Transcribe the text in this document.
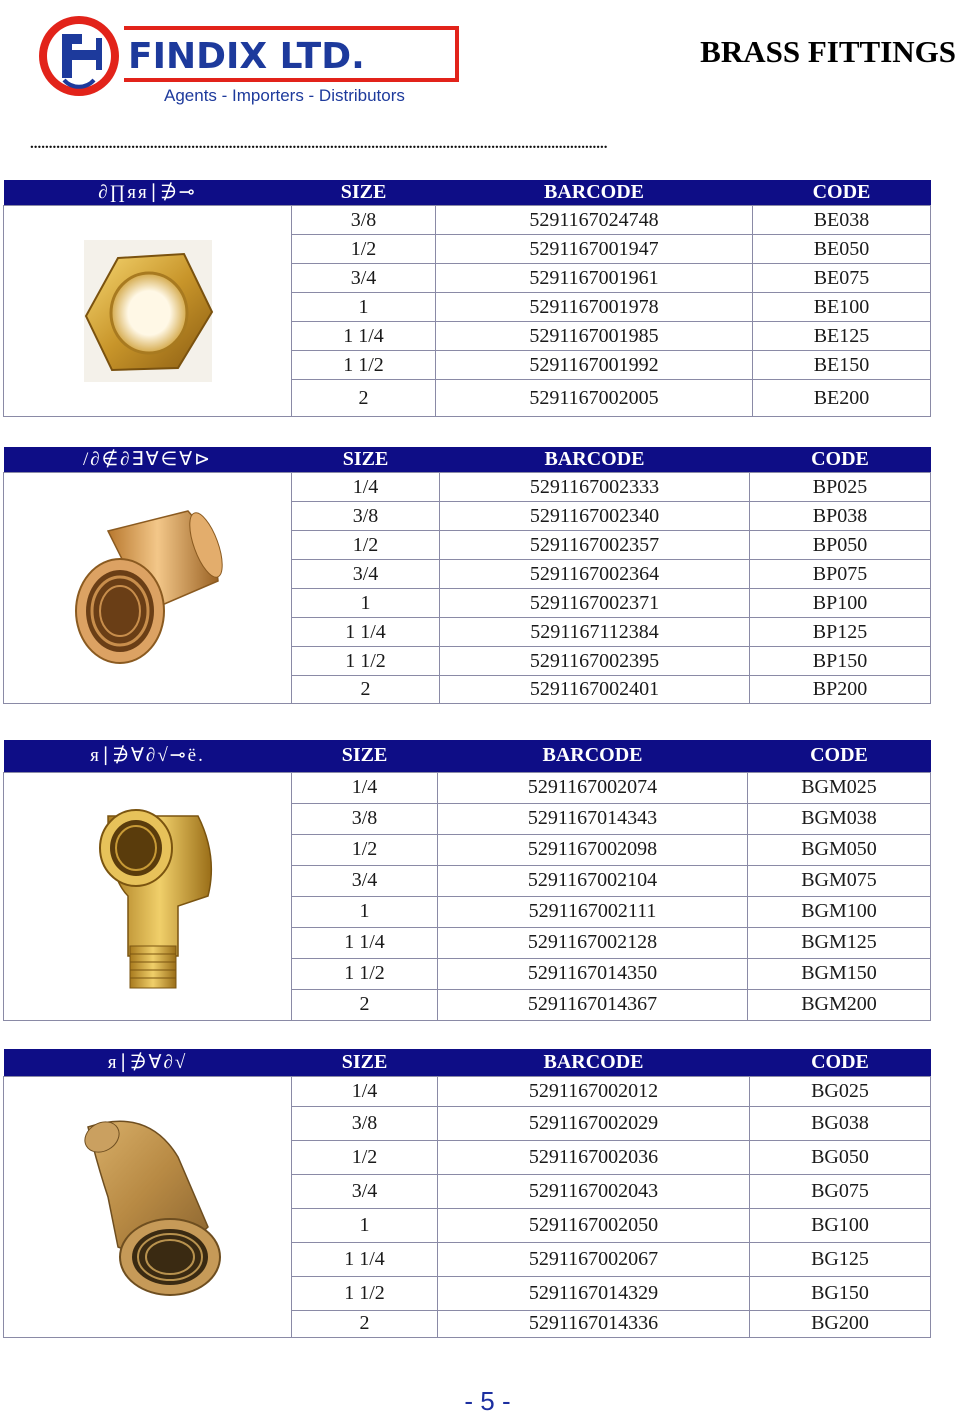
FINDIX LTD.
Agents - Importers - Distributors
BRASS FITTINGS
..........................................................................................................................................................
∂∏яя∣∌⊸	SIZE	BARCODE	CODE

	3/8	5291167024748	BE038
	1/2	5291167001947	BE050
	3/4	5291167001961	BE075
	1	5291167001978	BE100
	1 1/4	5291167001985	BE125
	1 1/2	5291167001992	BE150
	2	5291167002005	BE200
/∂∉∂∃∀∈∀⊳	SIZE	BARCODE	CODE

	1/4	5291167002333	BP025
	3/8	5291167002340	BP038
	1/2	5291167002357	BP050
	3/4	5291167002364	BP075
	1	5291167002371	BP100
	1 1/4	5291167112384	BP125
	1 1/2	5291167002395	BP150
	2	5291167002401	BP200
я∣∌∀∂√⊸ë.	SIZE	BARCODE	CODE

	1/4	5291167002074	BGM025
	3/8	5291167014343	BGM038
	1/2	5291167002098	BGM050
	3/4	5291167002104	BGM075
	1	5291167002111	BGM100
	1 1/4	5291167002128	BGM125
	1 1/2	5291167014350	BGM150
	2	5291167014367	BGM200
я∣∌∀∂√	SIZE	BARCODE	CODE

	1/4	5291167002012	BG025
	3/8	5291167002029	BG038
	1/2	5291167002036	BG050
	3/4	5291167002043	BG075
	1	5291167002050	BG100
	1 1/4	5291167002067	BG125
	1 1/2	5291167014329	BG150
	2	5291167014336	BG200
- 5 -
